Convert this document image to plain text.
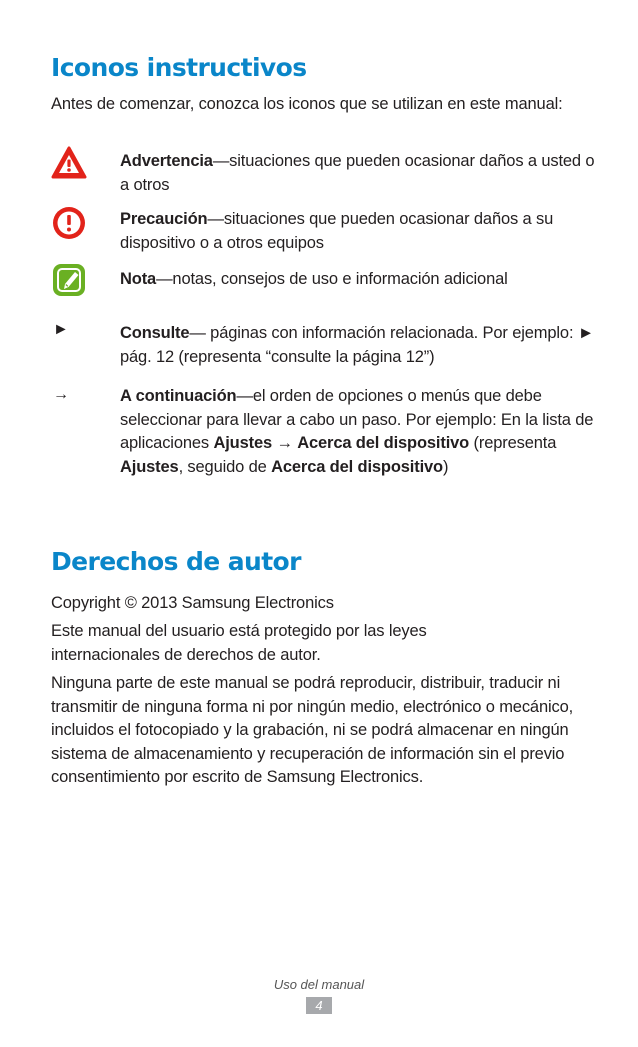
Iconos instructivos

Antes de comenzar, conozca los iconos que se utilizan en este manual:

Advertencia—situaciones que pueden ocasionar daños a usted o a otros

Precaución—situaciones que pueden ocasionar daños a su dispositivo o a otros equipos

Nota—notas, consejos de uso e información adicional

►	Consulte— páginas con información relacionada. Por ejemplo: ► pág. 12 (representa “consulte la página 12”)

→	A continuación—el orden de opciones o menús que debe seleccionar para llevar a cabo un paso. Por ejemplo: En la lista de aplicaciones Ajustes → Acerca del dispositivo (representa Ajustes, seguido de Acerca del dispositivo)

Derechos de autor

Copyright © 2013 Samsung Electronics

Este manual del usuario está protegido por las leyes internacionales de derechos de autor.

Ninguna parte de este manual se podrá reproducir, distribuir, traducir ni transmitir de ninguna forma ni por ningún medio, electrónico o mecánico, incluidos el fotocopiado y la grabación, ni se podrá almacenar en ningún sistema de almacenamiento y recuperación de información sin el previo consentimiento por escrito de Samsung Electronics.

Uso del manual
4
